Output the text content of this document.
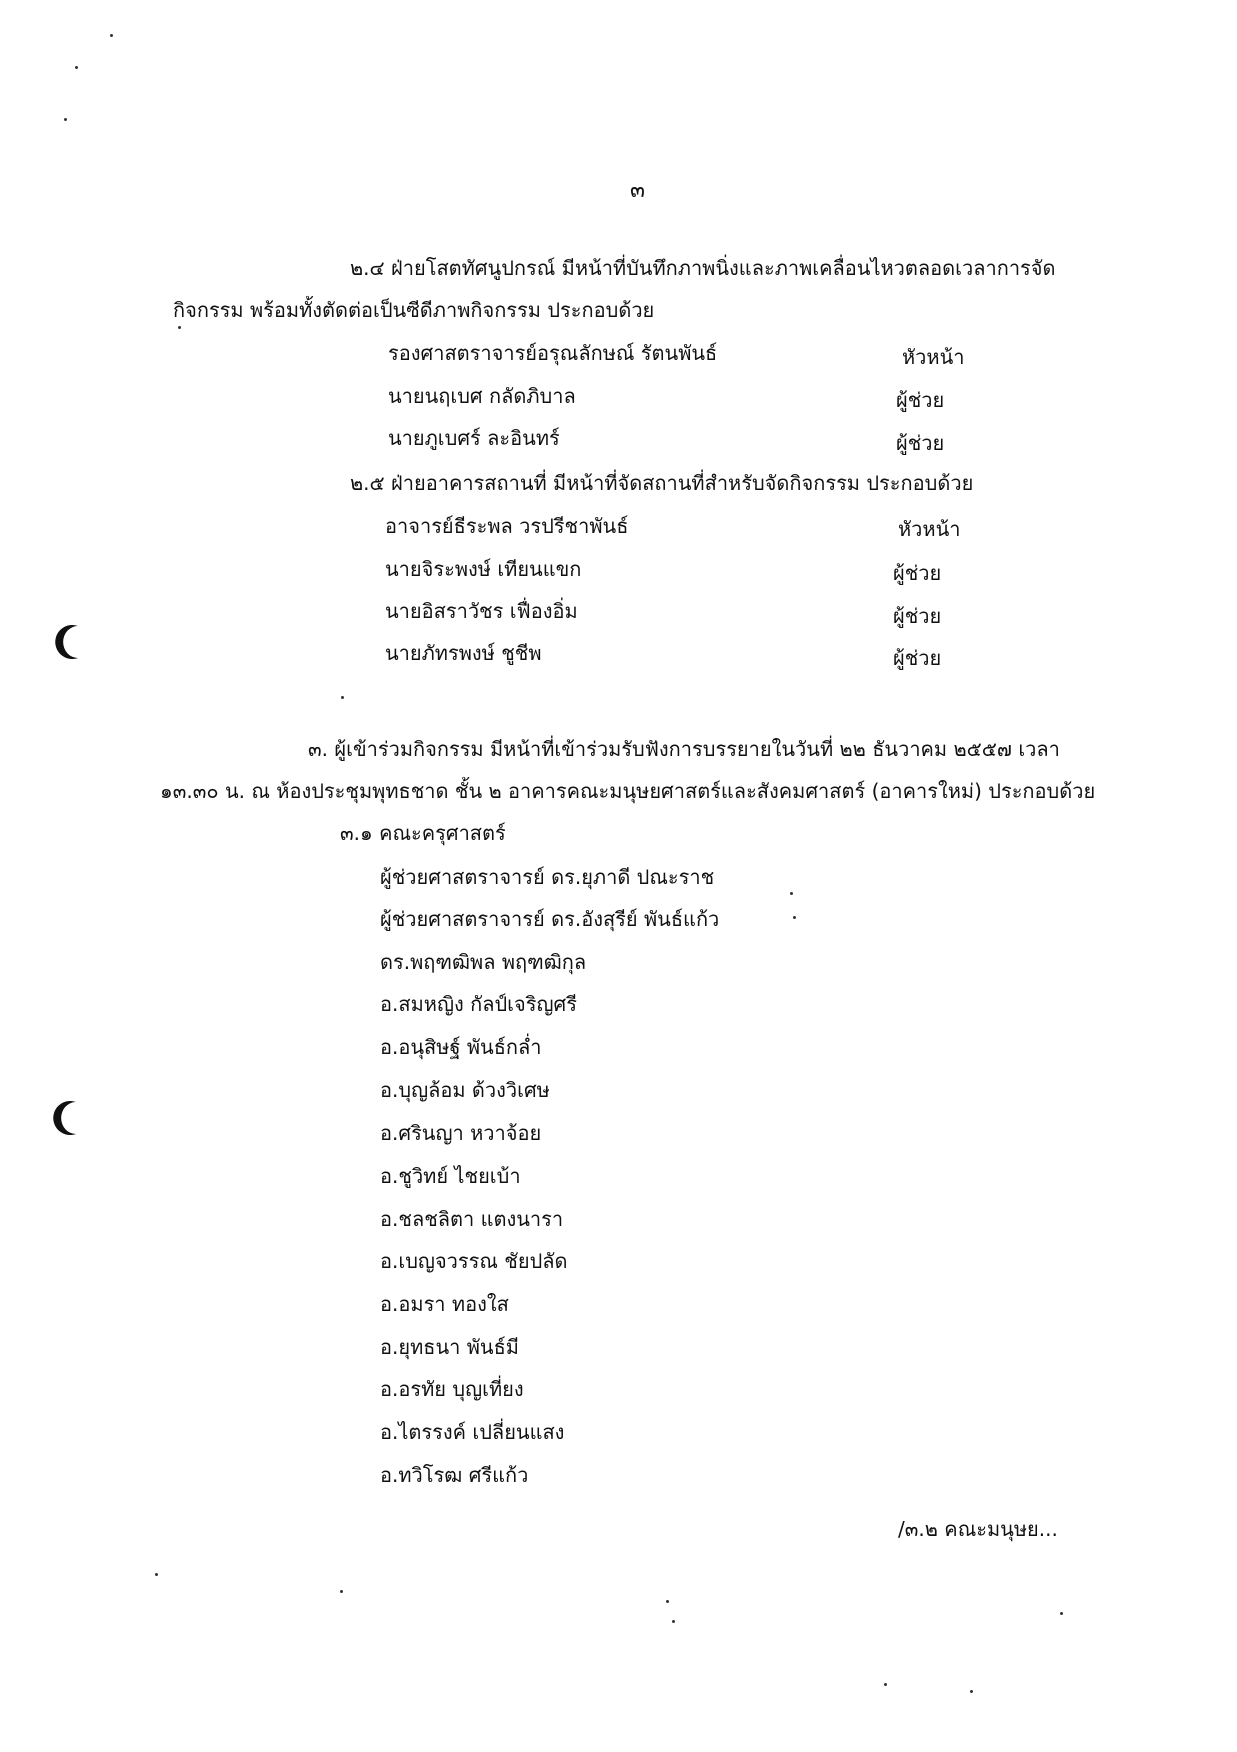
๓
๒.๔ ฝ่ายโสตทัศนูปกรณ์ มีหน้าที่บันทึกภาพนิ่งและภาพเคลื่อนไหวตลอดเวลาการจัด
กิจกรรม พร้อมทั้งตัดต่อเป็นซีดีภาพกิจกรรม ประกอบด้วย
รองศาสตราจารย์อรุณลักษณ์ รัตนพันธ์	หัวหน้า
นายนฤเบศ กลัดภิบาล	ผู้ช่วย
นายภูเบศร์ ละอินทร์	ผู้ช่วย
๒.๕ ฝ่ายอาคารสถานที่ มีหน้าที่จัดสถานที่สำหรับจัดกิจกรรม ประกอบด้วย
อาจารย์ธีระพล วรปรีชาพันธ์	หัวหน้า
นายจิระพงษ์ เทียนแขก	ผู้ช่วย
นายอิสราวัชร เฟื่องอิ่ม	ผู้ช่วย
นายภัทรพงษ์ ชูชีพ	ผู้ช่วย
๓. ผู้เข้าร่วมกิจกรรม มีหน้าที่เข้าร่วมรับฟังการบรรยายในวันที่ ๒๒ ธันวาคม ๒๕๕๗ เวลา
๑๓.๓๐ น. ณ ห้องประชุมพุทธชาด ชั้น ๒ อาคารคณะมนุษยศาสตร์และสังคมศาสตร์ (อาคารใหม่) ประกอบด้วย
๓.๑ คณะครุศาสตร์
ผู้ช่วยศาสตราจารย์ ดร.ยุภาดี ปณะราช
ผู้ช่วยศาสตราจารย์ ดร.อังสุรีย์ พันธ์แก้ว
ดร.พฤฑฒิพล พฤฑฒิกุล
อ.สมหญิง กัลป์เจริญศรี
อ.อนุสิษฐ์ พันธ์กล่ำ
อ.บุญล้อม ด้วงวิเศษ
อ.ศรินญา หวาจ้อย
อ.ชูวิทย์ ไชยเบ้า
อ.ชลชลิตา แตงนารา
อ.เบญจวรรณ ชัยปลัด
อ.อมรา ทองใส
อ.ยุทธนา พันธ์มี
อ.อรทัย บุญเที่ยง
อ.ไตรรงค์ เปลี่ยนแสง
อ.ทวิโรฒ ศรีแก้ว
/๓.๒ คณะมนุษย...
